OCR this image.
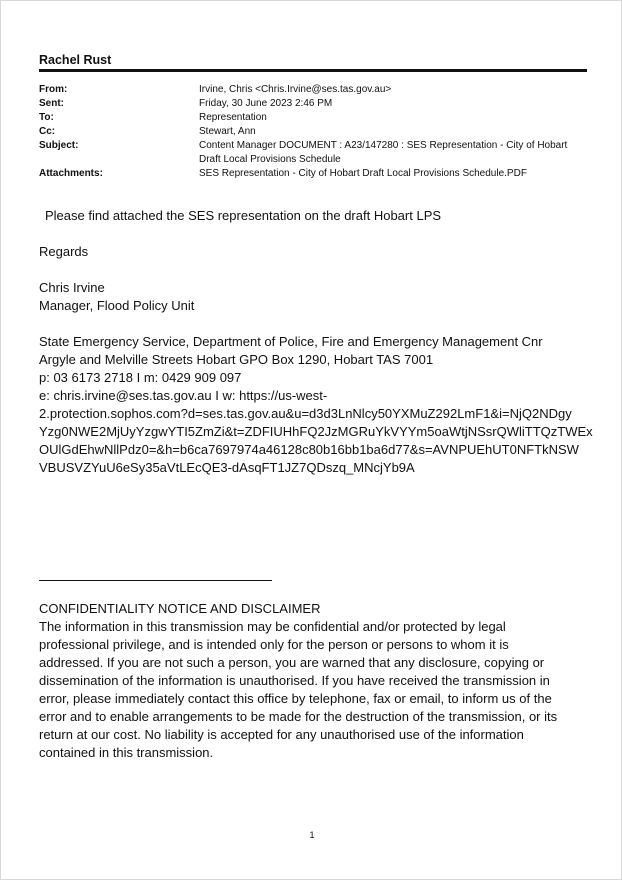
Rachel Rust
From:	Irvine, Chris <Chris.Irvine@ses.tas.gov.au>
Sent:	Friday, 30 June 2023 2:46 PM
To:	Representation
Cc:	Stewart, Ann
Subject:	Content Manager DOCUMENT : A23/147280 : SES Representation - City of Hobart
Draft Local Provisions Schedule
Attachments:	SES Representation - City of Hobart Draft Local Provisions Schedule.PDF
Please find attached the SES representation on the draft Hobart LPS
Regards
Chris Irvine
Manager, Flood Policy Unit
State Emergency Service, Department of Police, Fire and Emergency Management Cnr
Argyle and Melville Streets Hobart GPO Box 1290, Hobart TAS 7001
p: 03 6173 2718 I m: 0429 909 097
e: chris.irvine@ses.tas.gov.au I w: https://us-west-
2.protection.sophos.com?d=ses.tas.gov.au&u=d3d3LnNlcy50YXMuZ292LmF1&i=NjQ2NDgy
Yzg0NWE2MjUyYzgwYTI5ZmZi&t=ZDFIUHhFQ2JzMGRuYkVYYm5oaWtjNSsrQWliTTQzTWEx
OUlGdEhwNllPdz0=&h=b6ca7697974a46128c80b16bb1ba6d77&s=AVNPUEhUT0NFTkNSW
VBUSVZYuU6eSy35aVtLEcQE3-dAsqFT1JZ7QDszq_MNcjYb9A
CONFIDENTIALITY NOTICE AND DISCLAIMER
The information in this transmission may be confidential and/or protected by legal
professional privilege, and is intended only for the person or persons to whom it is
addressed. If you are not such a person, you are warned that any disclosure, copying or
dissemination of the information is unauthorised. If you have received the transmission in
error, please immediately contact this office by telephone, fax or email, to inform us of the
error and to enable arrangements to be made for the destruction of the transmission, or its
return at our cost. No liability is accepted for any unauthorised use of the information
contained in this transmission.
1
